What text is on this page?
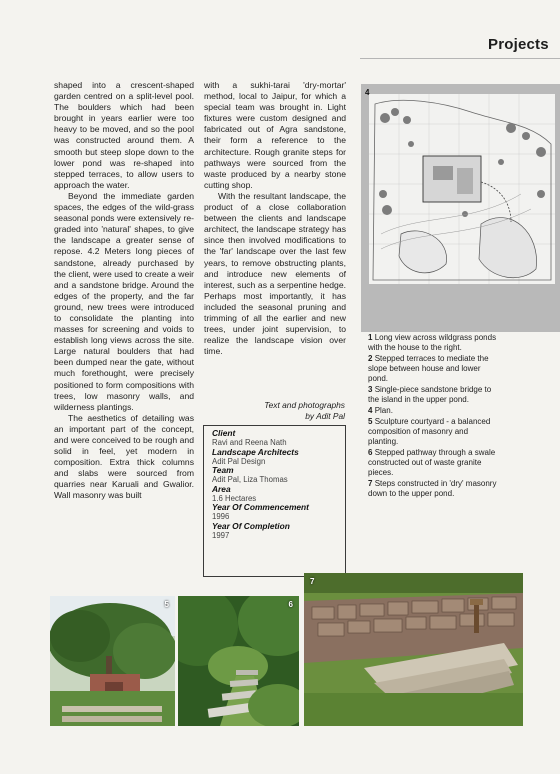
Projects

shaped into a crescent-shaped garden centred on a split-level pool. The boulders which had been brought in years earlier were too heavy to be moved, and so the pool was constructed around them. A smooth but steep slope down to the lower pond was re-shaped into stepped terraces, to allow users to approach the water.

Beyond the immediate garden spaces, the edges of the wild-grass seasonal ponds were extensively re-graded into 'natural' shapes, to give the landscape a greater sense of repose. 4.2 Meters long pieces of sandstone, already purchased by the client, were used to create a weir and a sandstone bridge. Around the edges of the property, and the far ground, new trees were introduced to consolidate the planting into masses for screening and voids to establish long views across the site. Large natural boulders that had been dumped near the gate, without much forethought, were precisely positioned to form compositions with trees, low masonry walls, and wilderness plantings.

The aesthetics of detailing was an important part of the concept, and were conceived to be rough and solid in feel, yet modern in composition. Extra thick columns and slabs were sourced from quarries near Karuali and Gwalior. Wall masonry was built

with a sukhi-tarai 'dry-mortar' method, local to Jaipur, for which a special team was brought in. Light fixtures were custom designed and fabricated out of Agra sandstone, their form a reference to the architecture. Rough granite steps for pathways were sourced from the waste produced by a nearby stone cutting shop.

With the resultant landscape, the product of a close collaboration between the clients and landscape architect, the landscape strategy has since then involved modifications to the 'far' landscape over the last few years, to remove obstructing plants, and introduce new elements of interest, such as a serpentine hedge. Perhaps most importantly, it has included the seasonal pruning and trimming of all the earlier and new trees, under joint supervision, to realize the landscape vision over time.

Text and photographs
by Adit Pal
Client
Ravi and Reena Nath
Landscape Architects
Adit Pal Design
Team
Adit Pal, Liza Thomas
Area
1.6 Hectares
Year Of Commencement
1996
Year Of Completion
1997
4
1 Long view across wildgrass ponds with the house to the right.
2 Stepped terraces to mediate the slope between house and lower pond.
3 Single-piece sandstone bridge to the island in the upper pond.
4 Plan.
5 Sculpture courtyard - a balanced composition of masonry and planting.
6 Stepped pathway through a swale constructed out of waste granite pieces.
7 Steps constructed in 'dry' masonry down to the upper pond.
5	6
7
